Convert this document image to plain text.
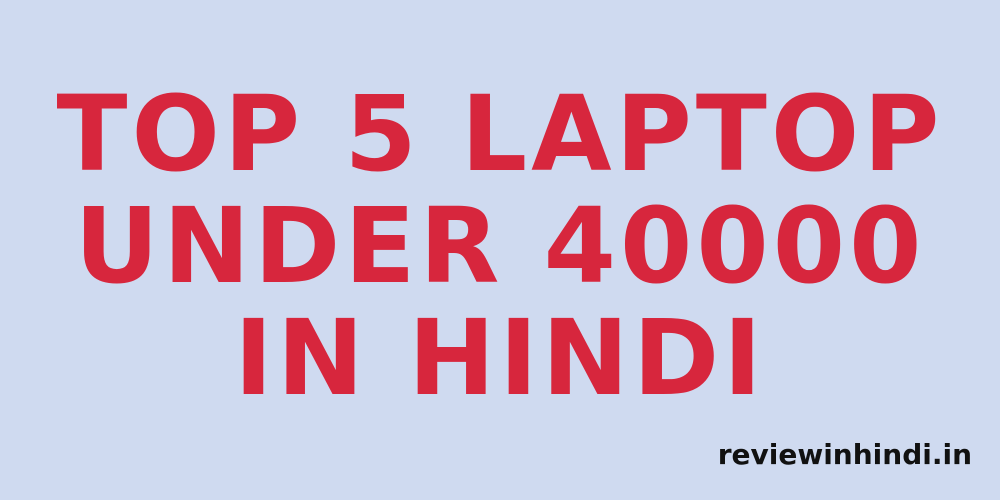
TOP 5 LAPTOP
UNDER 40000
IN HINDI
reviewinhindi.in
